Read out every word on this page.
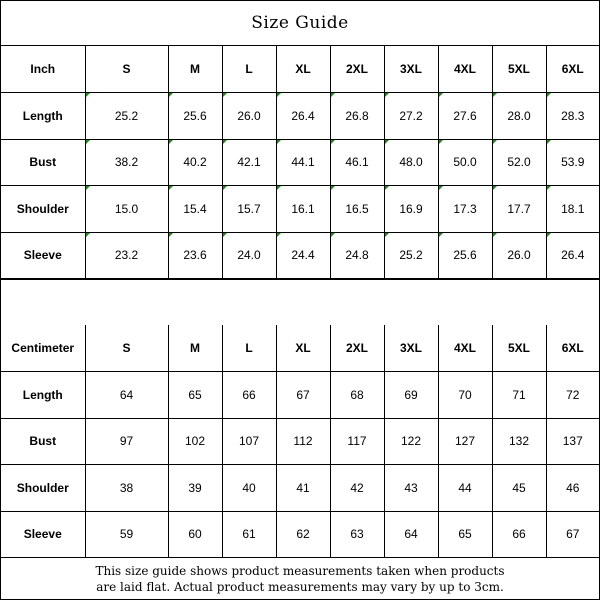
Size Guide
Inch	S	M	L	XL	2XL	3XL	4XL	5XL	6XL
Length	25.2	25.6	26.0	26.4	26.8	27.2	27.6	28.0	28.3
Bust	38.2	40.2	42.1	44.1	46.1	48.0	50.0	52.0	53.9
Shoulder	15.0	15.4	15.7	16.1	16.5	16.9	17.3	17.7	18.1
Sleeve	23.2	23.6	24.0	24.4	24.8	25.2	25.6	26.0	26.4
Centimeter	S	M	L	XL	2XL	3XL	4XL	5XL	6XL
Length	64	65	66	67	68	69	70	71	72
Bust	97	102	107	112	117	122	127	132	137
Shoulder	38	39	40	41	42	43	44	45	46
Sleeve	59	60	61	62	63	64	65	66	67
This size guide shows product measurements taken when products
are laid flat. Actual product measurements may vary by up to 3cm.
